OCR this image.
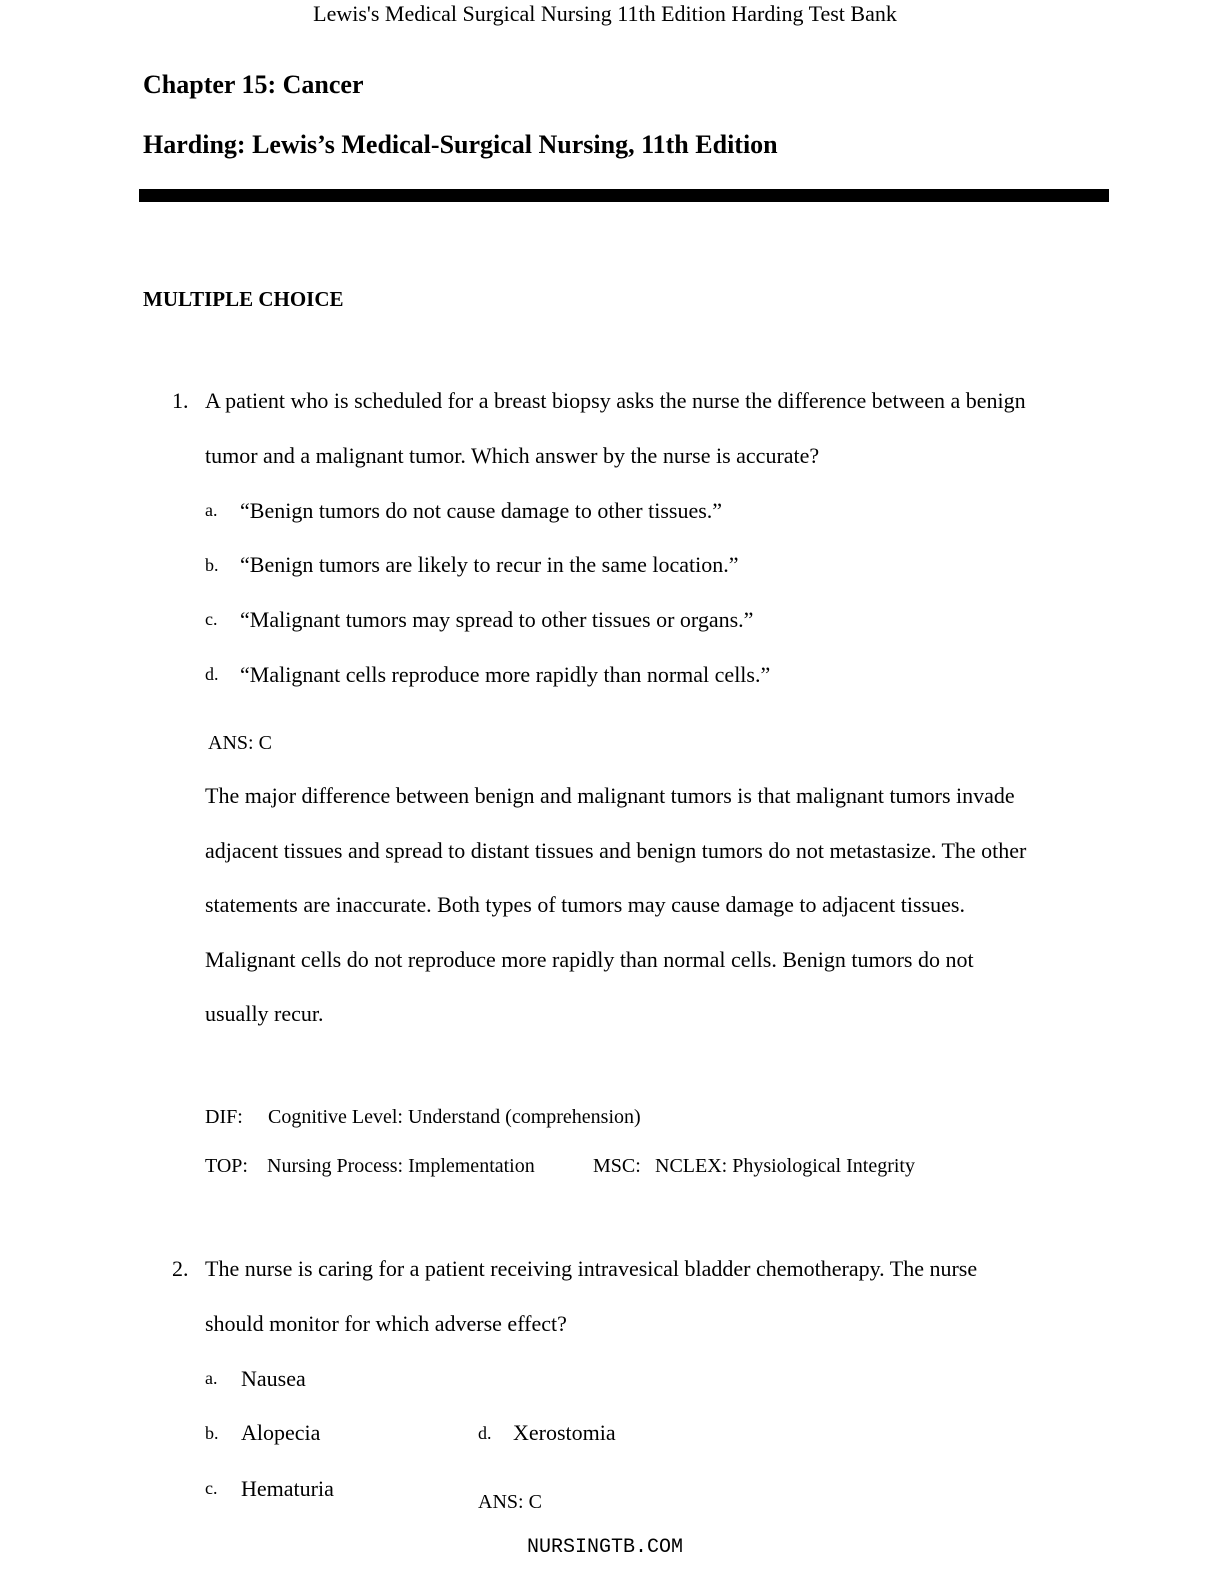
Lewis's Medical Surgical Nursing 11th Edition Harding Test Bank
Chapter 15: Cancer
Harding: Lewis’s Medical-Surgical Nursing, 11th Edition
MULTIPLE CHOICE
1. A patient who is scheduled for a breast biopsy asks the nurse the difference between a benign
tumor and a malignant tumor. Which answer by the nurse is accurate?
a. “Benign tumors do not cause damage to other tissues.”
b. “Benign tumors are likely to recur in the same location.”
c. “Malignant tumors may spread to other tissues or organs.”
d. “Malignant cells reproduce more rapidly than normal cells.”
ANS: C
The major difference between benign and malignant tumors is that malignant tumors invade
adjacent tissues and spread to distant tissues and benign tumors do not metastasize. The other
statements are inaccurate. Both types of tumors may cause damage to adjacent tissues.
Malignant cells do not reproduce more rapidly than normal cells. Benign tumors do not
usually recur.
DIF: Cognitive Level: Understand (comprehension)
TOP: Nursing Process: Implementation	MSC: NCLEX: Physiological Integrity
2. The nurse is caring for a patient receiving intravesical bladder chemotherapy. The nurse
should monitor for which adverse effect?
a. Nausea
b. Alopecia
c. Hematuria
d. Xerostomia
ANS: C
NURSINGTB.COM
